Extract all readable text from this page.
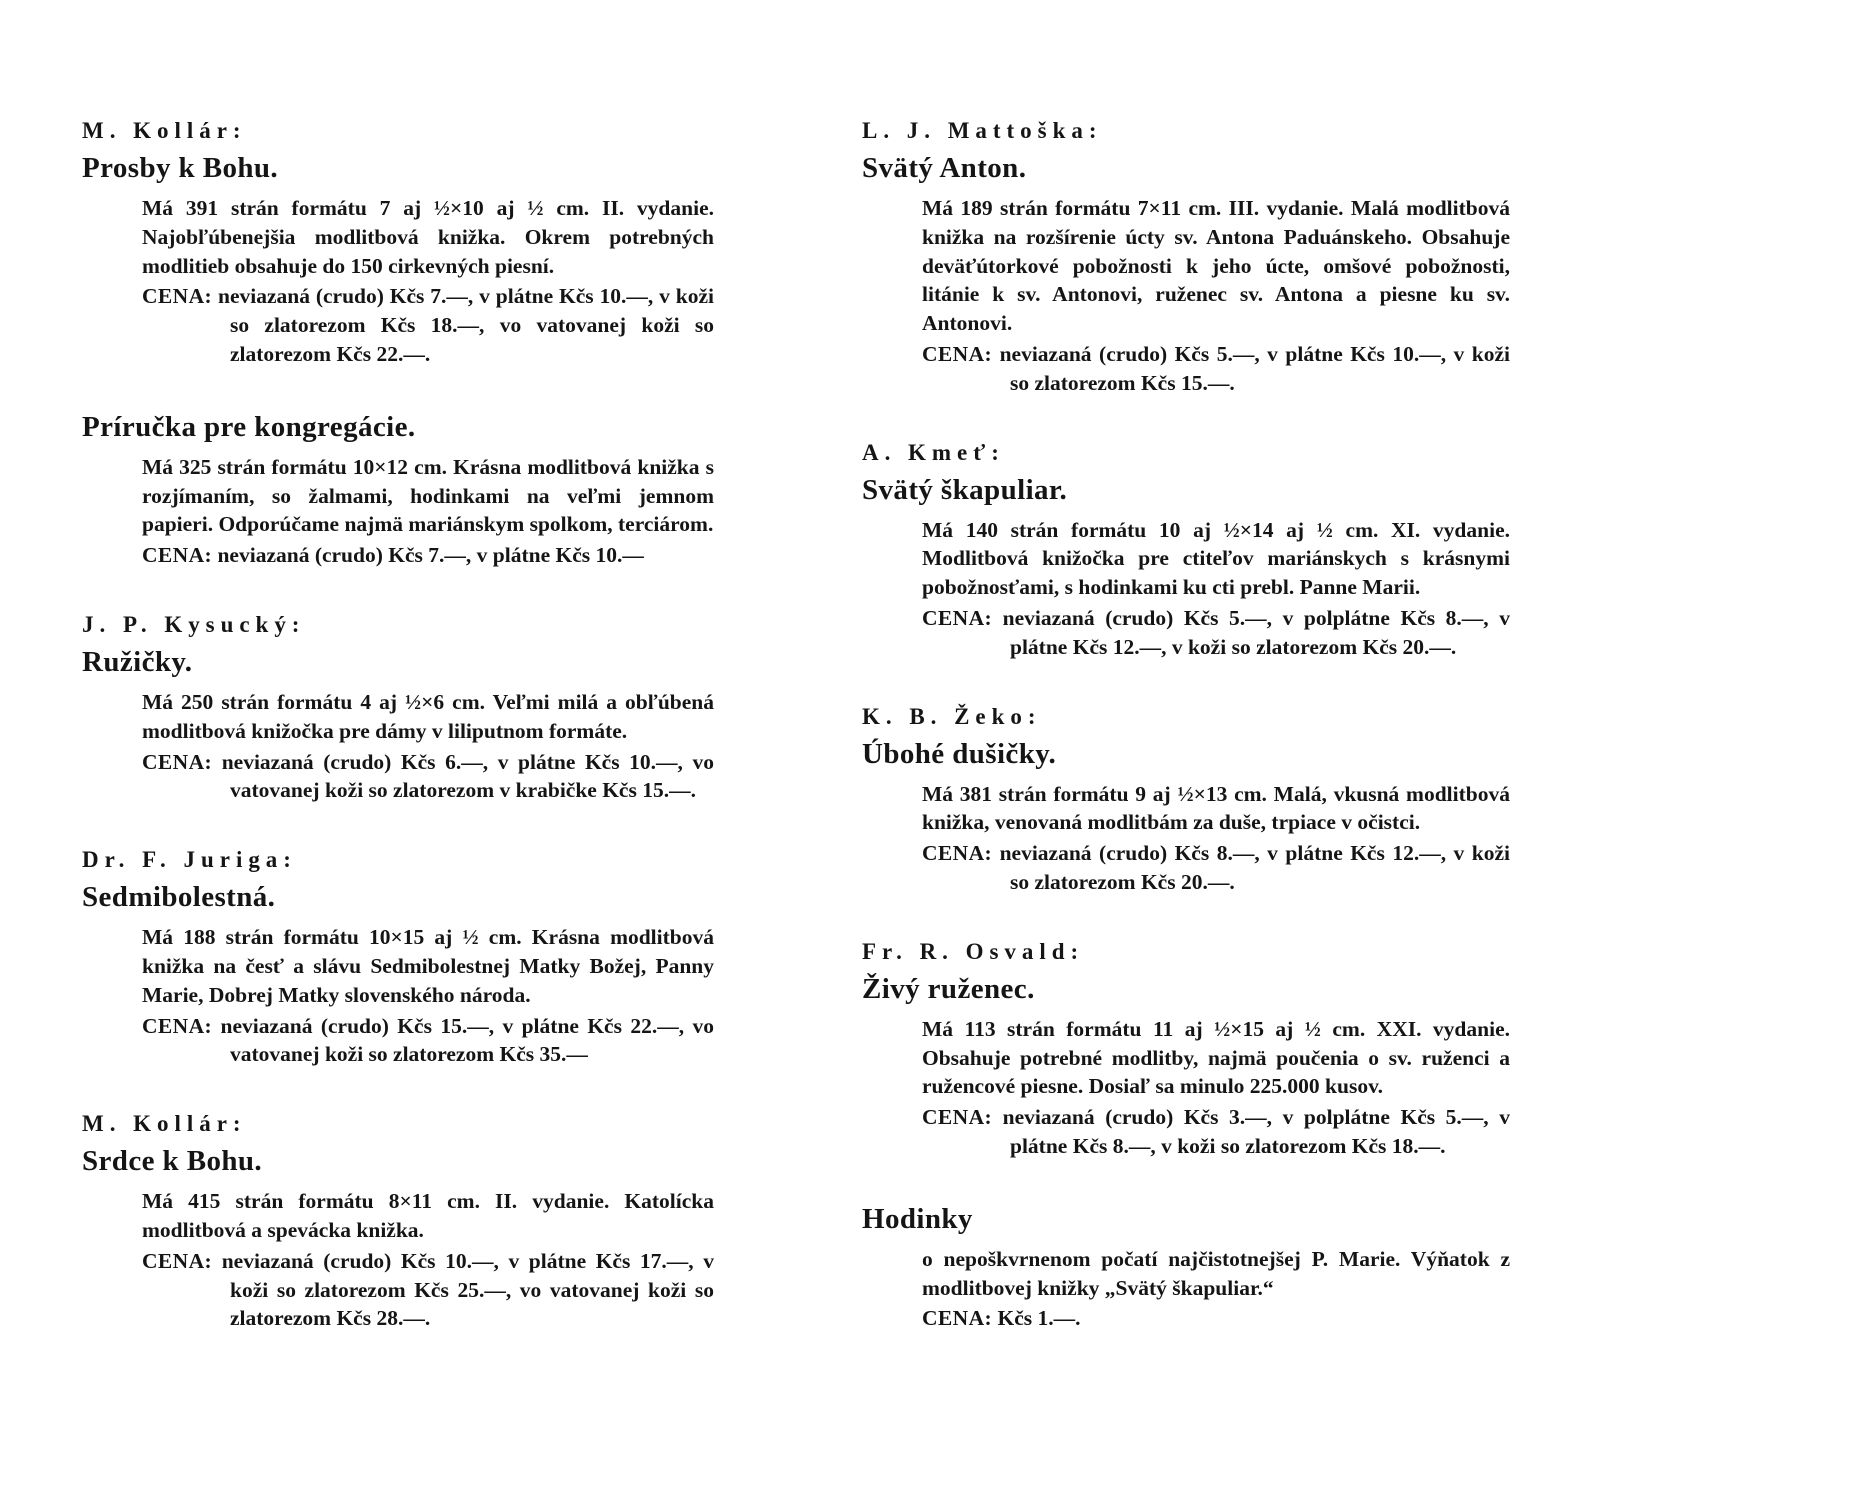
M. Kollár:
Prosby k Bohu.

Má 391 strán formátu 7 aj ½×10 aj ½ cm. II. vydanie. Najobľúbenejšia modlitbová knižka. Okrem potrebných modlitieb obsahuje do 150 cirkevných piesní.

CENA: neviazaná (crudo) Kčs 7.—, v plátne Kčs 10.—, v koži so zlatorezom Kčs 18.—, vo vatovanej koži so zlatorezom Kčs 22.—.

Príručka pre kongregácie.

Má 325 strán formátu 10×12 cm. Krásna modlitbová knižka s rozjímaním, so žalmami, hodinkami na veľmi jemnom papieri. Odporúčame najmä mariánskym spolkom, terciárom.

CENA: neviazaná (crudo) Kčs 7.—, v plátne Kčs 10.—

J. P. Kysucký:
Ružičky.

Má 250 strán formátu 4 aj ½×6 cm. Veľmi milá a obľúbená modlitbová knižočka pre dámy v liliputnom formáte.

CENA: neviazaná (crudo) Kčs 6.—, v plátne Kčs 10.—, vo vatovanej koži so zlatorezom v krabičke Kčs 15.—.

Dr. F. Juriga:
Sedmibolestná.

Má 188 strán formátu 10×15 aj ½ cm. Krásna modlitbová knižka na česť a slávu Sedmibolestnej Matky Božej, Panny Marie, Dobrej Matky slovenského národa.

CENA: neviazaná (crudo) Kčs 15.—, v plátne Kčs 22.—, vo vatovanej koži so zlatorezom Kčs 35.—

M. Kollár:
Srdce k Bohu.

Má 415 strán formátu 8×11 cm. II. vydanie. Katolícka modlitbová a spevácka knižka.

CENA: neviazaná (crudo) Kčs 10.—, v plátne Kčs 17.—, v koži so zlatorezom Kčs 25.—, vo vatovanej koži so zlatorezom Kčs 28.—.

L. J. Mattoška:
Svätý Anton.

Má 189 strán formátu 7×11 cm. III. vydanie. Malá modlitbová knižka na rozšírenie úcty sv. Antona Paduánskeho. Obsahuje deväťútorkové pobožnosti k jeho úcte, omšové pobožnosti, litánie k sv. Antonovi, ruženec sv. Antona a piesne ku sv. Antonovi.

CENA: neviazaná (crudo) Kčs 5.—, v plátne Kčs 10.—, v koži so zlatorezom Kčs 15.—.

A. Kmeť:
Svätý škapuliar.

Má 140 strán formátu 10 aj ½×14 aj ½ cm. XI. vydanie. Modlitbová knižočka pre ctiteľov mariánskych s krásnymi pobožnosťami, s hodinkami ku cti prebl. Panne Marii.

CENA: neviazaná (crudo) Kčs 5.—, v polplátne Kčs 8.—, v plátne Kčs 12.—, v koži so zlatorezom Kčs 20.—.

K. B. Žeko:
Úbohé dušičky.

Má 381 strán formátu 9 aj ½×13 cm. Malá, vkusná modlitbová knižka, venovaná modlitbám za duše, trpiace v očistci.

CENA: neviazaná (crudo) Kčs 8.—, v plátne Kčs 12.—, v koži so zlatorezom Kčs 20.—.

Fr. R. Osvald:
Živý ruženec.

Má 113 strán formátu 11 aj ½×15 aj ½ cm. XXI. vydanie. Obsahuje potrebné modlitby, najmä poučenia o sv. ruženci a ružencové piesne. Dosiaľ sa minulo 225.000 kusov.

CENA: neviazaná (crudo) Kčs 3.—, v polplátne Kčs 5.—, v plátne Kčs 8.—, v koži so zlatorezom Kčs 18.—.

Hodinky

o nepoškvrnenom počatí najčistotnejšej P. Marie. Výňatok z modlitbovej knižky „Svätý škapuliar.“

CENA: Kčs 1.—.
